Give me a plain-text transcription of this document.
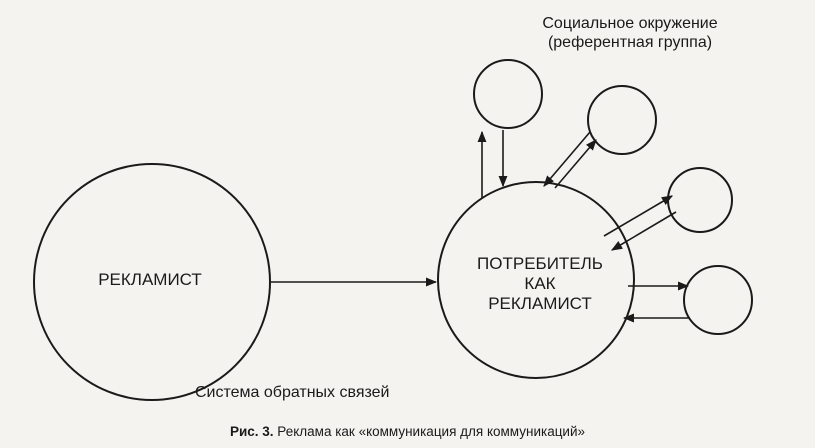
Социальное окружение
(референтная группа)
РЕКЛАМИСТ
ПОТРЕБИТЕЛЬ
КАК
РЕКЛАМИСТ
Система обратных связей
Рис. 3. Реклама как «коммуникация для коммуникаций»
